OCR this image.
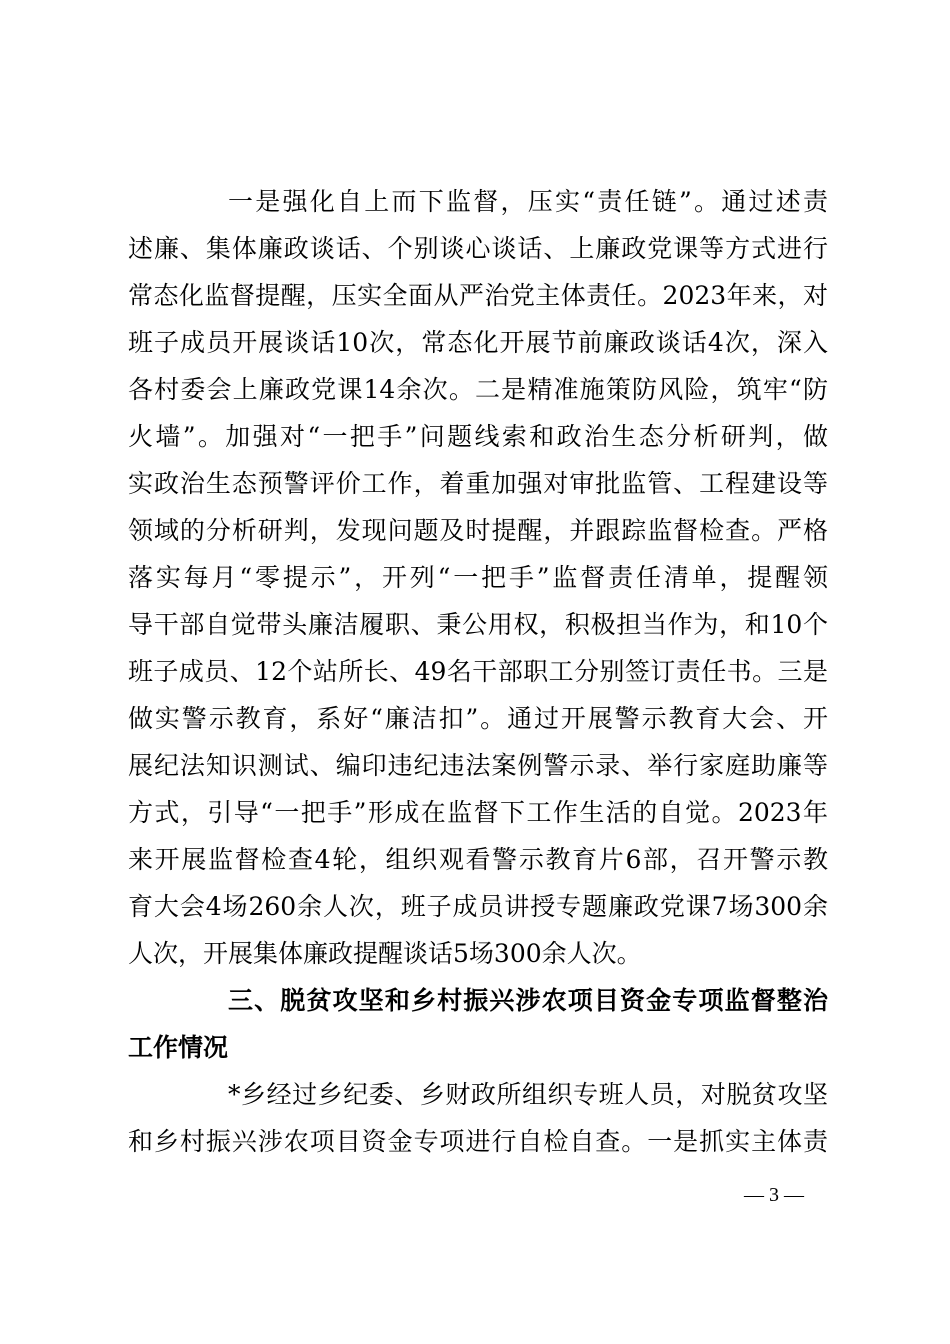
一是强化自上而下监督，压实“责任链”。通过述责
述廉、集体廉政谈话、个别谈心谈话、上廉政党课等方式进行
常态化监督提醒，压实全面从严治党主体责任。2023年来，对
班子成员开展谈话10次，常态化开展节前廉政谈话4次，深入
各村委会上廉政党课14余次。二是精准施策防风险，筑牢“防
火墙”。加强对“一把手”问题线索和政治生态分析研判，做
实政治生态预警评价工作，着重加强对审批监管、工程建设等
领域的分析研判，发现问题及时提醒，并跟踪监督检查。严格
落实每月“零提示”，开列“一把手”监督责任清单，提醒领
导干部自觉带头廉洁履职、秉公用权，积极担当作为，和10个
班子成员、12个站所长、49名干部职工分别签订责任书。三是
做实警示教育，系好“廉洁扣”。通过开展警示教育大会、开
展纪法知识测试、编印违纪违法案例警示录、举行家庭助廉等
方式，引导“一把手”形成在监督下工作生活的自觉。2023年
来开展监督检查4轮，组织观看警示教育片6部，召开警示教
育大会4场260余人次，班子成员讲授专题廉政党课7场300余
人次，开展集体廉政提醒谈话5场300余人次。
三、脱贫攻坚和乡村振兴涉农项目资金专项监督整治
工作情况
*乡经过乡纪委、乡财政所组织专班人员，对脱贫攻坚
和乡村振兴涉农项目资金专项进行自检自查。一是抓实主体责
— 3 —
